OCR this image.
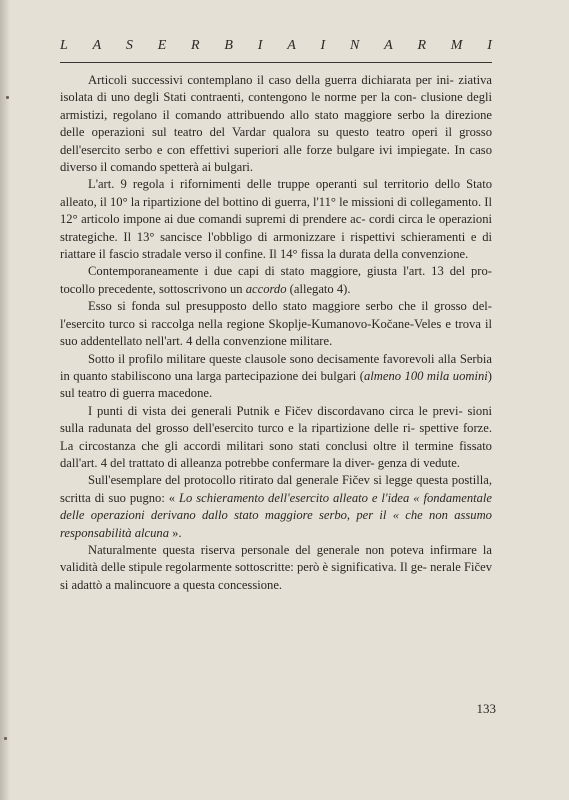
L A S E R B I A I N A R M I

Articoli successivi contemplano il caso della guerra dichiarata per ini- ziativa isolata di uno degli Stati contraenti, contengono le norme per la con- clusione degli armistizi, regolano il comando attribuendo allo stato maggiore serbo la direzione delle operazioni sul teatro del Vardar qualora su questo teatro operi il grosso dell'esercito serbo e con effettivi superiori alle forze bulgare ivi impiegate. In caso diverso il comando spetterà ai bulgari.

L'art. 9 regola i rifornimenti delle truppe operanti sul territorio dello Stato alleato, il 10° la ripartizione del bottino di guerra, l'11° le missioni di collegamento. Il 12° articolo impone ai due comandi supremi di prendere ac- cordi circa le operazioni strategiche. Il 13° sancisce l'obbligo di armonizzare i rispettivi schieramenti e di riattare il fascio stradale verso il confine. Il 14° fissa la durata della convenzione.

Contemporaneamente i due capi di stato maggiore, giusta l'art. 13 del pro- tocollo precedente, sottoscrivono un accordo (allegato 4).

Esso si fonda sul presupposto dello stato maggiore serbo che il grosso del- l'esercito turco si raccolga nella regione Skoplje-Kumanovo-Kočane-Veles e trova il suo addentellato nell'art. 4 della convenzione militare.

Sotto il profilo militare queste clausole sono decisamente favorevoli alla Serbia in quanto stabiliscono una larga partecipazione dei bulgari (almeno 100 mila uomini) sul teatro di guerra macedone.

I punti di vista dei generali Putnik e Fičev discordavano circa le previ- sioni sulla radunata del grosso dell'esercito turco e la ripartizione delle ri- spettive forze. La circostanza che gli accordi militari sono stati conclusi oltre il termine fissato dall'art. 4 del trattato di alleanza potrebbe confermare la diver- genza di vedute.

Sull'esemplare del protocollo ritirato dal generale Fičev si legge questa postilla, scritta di suo pugno: « Lo schieramento dell'esercito alleato e l'idea « fondamentale delle operazioni derivano dallo stato maggiore serbo, per il « che non assumo responsabilità alcuna ».

Naturalmente questa riserva personale del generale non poteva infirmare la validità delle stipule regolarmente sottoscritte: però è significativa. Il ge- nerale Fičev si adattò a malincuore a questa concessione.

133
